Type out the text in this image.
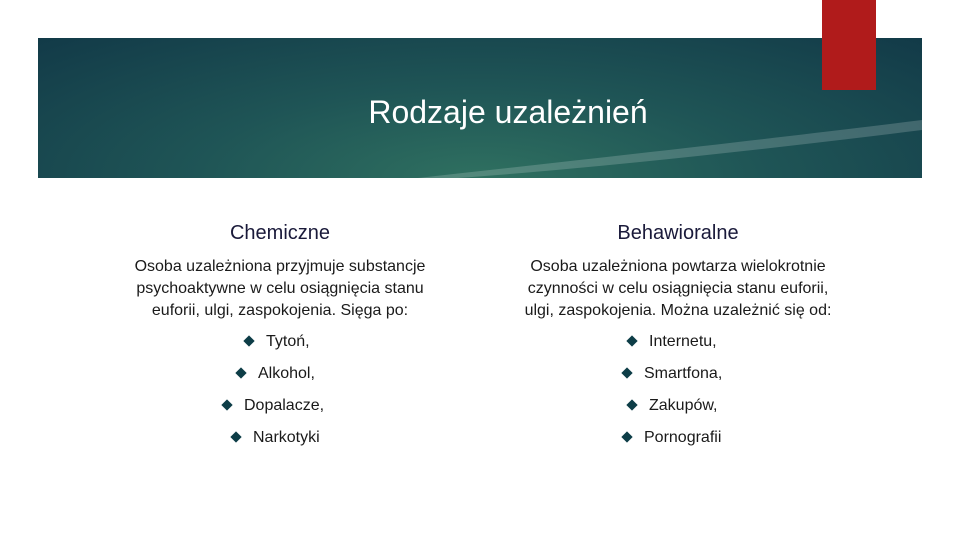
Rodzaje uzależnień
Chemiczne
Osoba uzależniona przyjmuje substancje
psychoaktywne w celu osiągnięcia stanu
euforii, ulgi, zaspokojenia. Sięga po:
Behawioralne
Osoba uzależniona powtarza wielokrotnie
czynności w celu osiągnięcia stanu euforii,
ulgi, zaspokojenia. Można uzależnić się od:
Tytoń,
Alkohol,
Dopalacze,
Narkotyki
Internetu,
Smartfona,
Zakupów,
Pornografii
